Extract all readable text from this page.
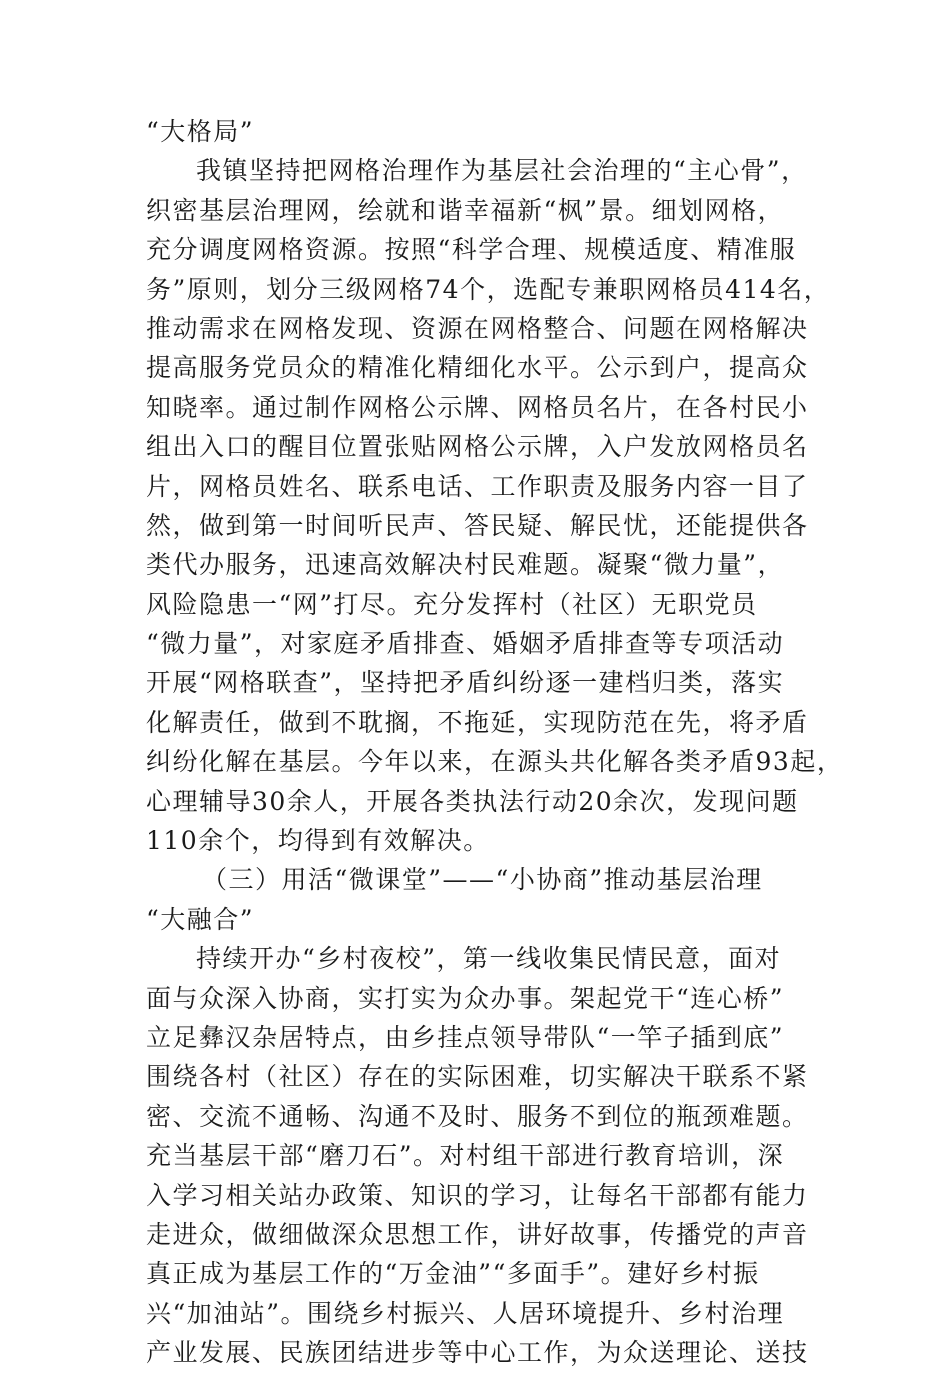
“大格局”
我镇坚持把网格治理作为基层社会治理的“主心骨”，
织密基层治理网，绘就和谐幸福新“枫”景。细划网格，
充分调度网格资源。按照“科学合理、规模适度、精准服
务”原则，划分三级网格74个，选配专兼职网格员414名，
推动需求在网格发现、资源在网格整合、问题在网格解决
提高服务党员众的精准化精细化水平。公示到户，提高众
知晓率。通过制作网格公示牌、网格员名片，在各村民小
组出入口的醒目位置张贴网格公示牌，入户发放网格员名
片，网格员姓名、联系电话、工作职责及服务内容一目了
然，做到第一时间听民声、答民疑、解民忧，还能提供各
类代办服务，迅速高效解决村民难题。凝聚“微力量”，
风险隐患一“网”打尽。充分发挥村（社区）无职党员
“微力量”，对家庭矛盾排查、婚姻矛盾排查等专项活动
开展“网格联查”，坚持把矛盾纠纷逐一建档归类，落实
化解责任，做到不耽搁，不拖延，实现防范在先，将矛盾
纠纷化解在基层。今年以来，在源头共化解各类矛盾93起，
心理辅导30余人，开展各类执法行动20余次，发现问题
110余个，均得到有效解决。
（三）用活“微课堂”——“小协商”推动基层治理
“大融合”
持续开办“乡村夜校”，第一线收集民情民意，面对
面与众深入协商，实打实为众办事。架起党干“连心桥”
立足彝汉杂居特点，由乡挂点领导带队“一竿子插到底”
围绕各村（社区）存在的实际困难，切实解决干联系不紧
密、交流不通畅、沟通不及时、服务不到位的瓶颈难题。
充当基层干部“磨刀石”。对村组干部进行教育培训，深
入学习相关站办政策、知识的学习，让每名干部都有能力
走进众，做细做深众思想工作，讲好故事，传播党的声音
真正成为基层工作的“万金油”“多面手”。建好乡村振
兴“加油站”。围绕乡村振兴、人居环境提升、乡村治理
产业发展、民族团结进步等中心工作，为众送理论、送技
